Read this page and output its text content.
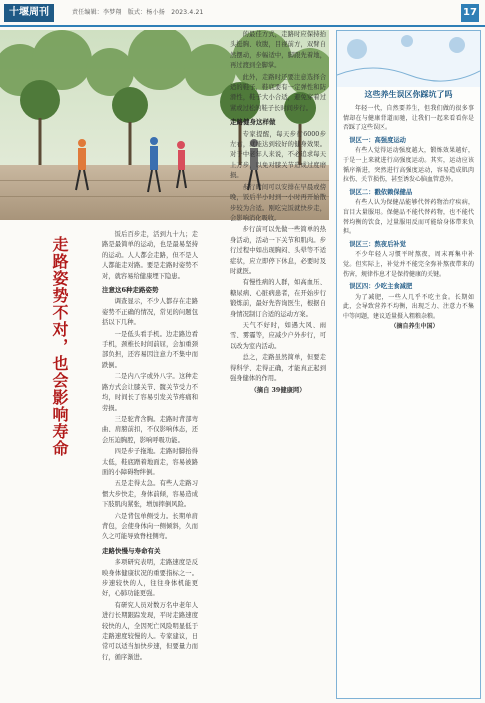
十堰周刊	责任编辑：李梦翔　版式：杨小扬　2023.4.21	17
走路姿势不对，也会影响寿命

饭后百步走，活到九十九；走路是最简单的运动，也是最易坚持的运动。人人都会走路，但不是人人都能走对路。要是走路时姿势不对，就容易给健康埋下隐患。

注意这6种走路姿势

调查显示，不少人都存在走路姿势不正确的情况，常见的问题包括以下几种。

一是低头看手机。边走路边看手机，颈椎长时间前屈，会加重颈部负担，还容易因注意力不集中而跌倒。

二是内八字或外八字。这种走路方式会让膝关节、髋关节受力不均，时间长了容易引发关节疼痛和劳损。

三是驼背含胸。走路时背部弯曲、肩膀前扣，不仅影响体态，还会压迫胸腔，影响呼吸功能。

四是步子拖地。走路时脚抬得太低，鞋底蹭着地面走，容易被路面的小障碍物绊倒。

五是走得太急。有些人走路习惯大步快走，身体前倾，容易造成下肢肌肉紧张，增加摔倒风险。

六是背包单侧受力。长期单肩背包，会使身体向一侧倾斜，久而久之可能导致脊柱侧弯。

走路快慢与寿命有关

多项研究表明，走路速度是反映身体健康状况的重要指标之一。步速较快的人，往往身体机能更好，心肺功能更强。

有研究人员对数万名中老年人进行长期跟踪发现，平时走路速度较快的人，全因死亡风险明显低于走路速度较慢的人。专家建议，日常可以适当加快步速，但要量力而行，循序渐进。

的最佳方式，走路时应保持抬头挺胸、收腹，目视前方，双臂自然摆动，步幅适中，脚跟先着地，再过渡到全脚掌。

此外，走路时还要注意选择合适的鞋子，鞋底要有一定弹性和防滑性，鞋子大小合适，避免穿着过紧或过松的鞋子长时间步行。

走路健身这样做

专家提醒，每天步行6000步左右，就能达到较好的健身效果。对于中老年人来说，不必追求每天上万步，以免对膝关节造成过度磨损。

步行时间可以安排在早晨或傍晚，饭后半小时到一小时再开始散步较为合适。刚吃完饭就快步走，会影响消化吸收。

步行前可以先做一些简单的热身活动，活动一下关节和肌肉。步行过程中如出现胸闷、头晕等不适症状，应立即停下休息，必要时及时就医。

有慢性病的人群，如高血压、糖尿病、心脏病患者，在开始步行锻炼前，最好先咨询医生，根据自身情况制订合适的运动方案。

天气不好时，如遇大风、雨雪、雾霾等，应减少户外步行，可以改为室内活动。

总之，走路虽然简单，但要走得科学、走得正确，才能真正起到强身健体的作用。

（摘自 39健康网）

这些养生误区你踩坑了吗

年轻一代，自然要养生，但我们做的很多事情却在与健康背道而驰，让我们一起来看看你是否踩了这些误区。

误区一：高强度运动

有些人觉得运动强度越大，锻炼效果越好，于是一上来就进行高强度运动。其实，运动应该循序渐进，突然进行高强度运动，容易造成肌肉拉伤、关节损伤，甚至诱发心脑血管意外。

误区二：戳依赖保健品

有些人认为保健品能够代替药物治疗疾病，盲目大量服用。保健品不能代替药物，也不能代替均衡的饮食，过量服用反而可能给身体带来负担。

误区三：熬夜后补觉

不少年轻人习惯平时熬夜，周末再集中补觉。但实际上，补觉并不能完全弥补熬夜带来的伤害，规律作息才是保持健康的关键。

误区四：少吃主食减肥

为了减肥，一些人几乎不吃主食。长期如此，会导致营养不均衡，出现乏力、注意力不集中等问题，建议适量摄入粗粮杂粮。

（摘自养生中国）
